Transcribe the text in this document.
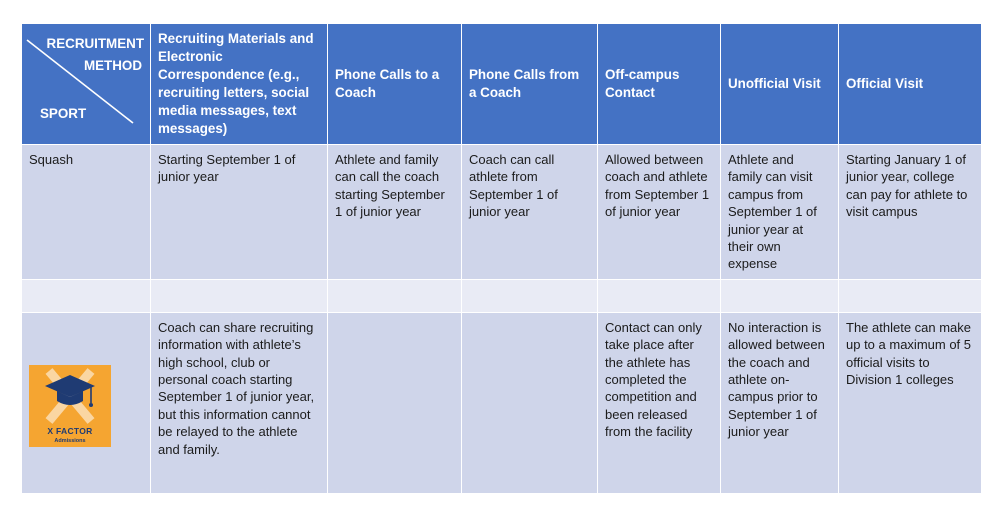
RECRUITMENT
METHOD
SPORT	Recruiting Materials and Electronic Correspondence (e.g., recruiting letters, social media messages, text messages)	Phone Calls to a Coach	Phone Calls from a Coach	Off-campus Contact	Unofficial Visit	Official Visit
Squash	Starting September 1 of junior year	Athlete and family can call the coach starting September 1 of junior year	Coach can call athlete from September 1 of junior year	Allowed between coach and athlete from September 1 of junior year	Athlete and family can visit campus from September 1 of junior year at their own expense	Starting January 1 of junior year, college can pay for athlete to visit campus

X FACTOR
Admissions	Coach can share recruiting information with athlete’s high school, club or personal coach starting September 1 of junior year, but this information cannot be relayed to the athlete and family.			Contact can only take place after the athlete has completed the competition and been released from the facility	No interaction is allowed between the coach and athlete on-campus prior to September 1 of junior year	The athlete can make up to a maximum of 5 official visits to Division 1 colleges
